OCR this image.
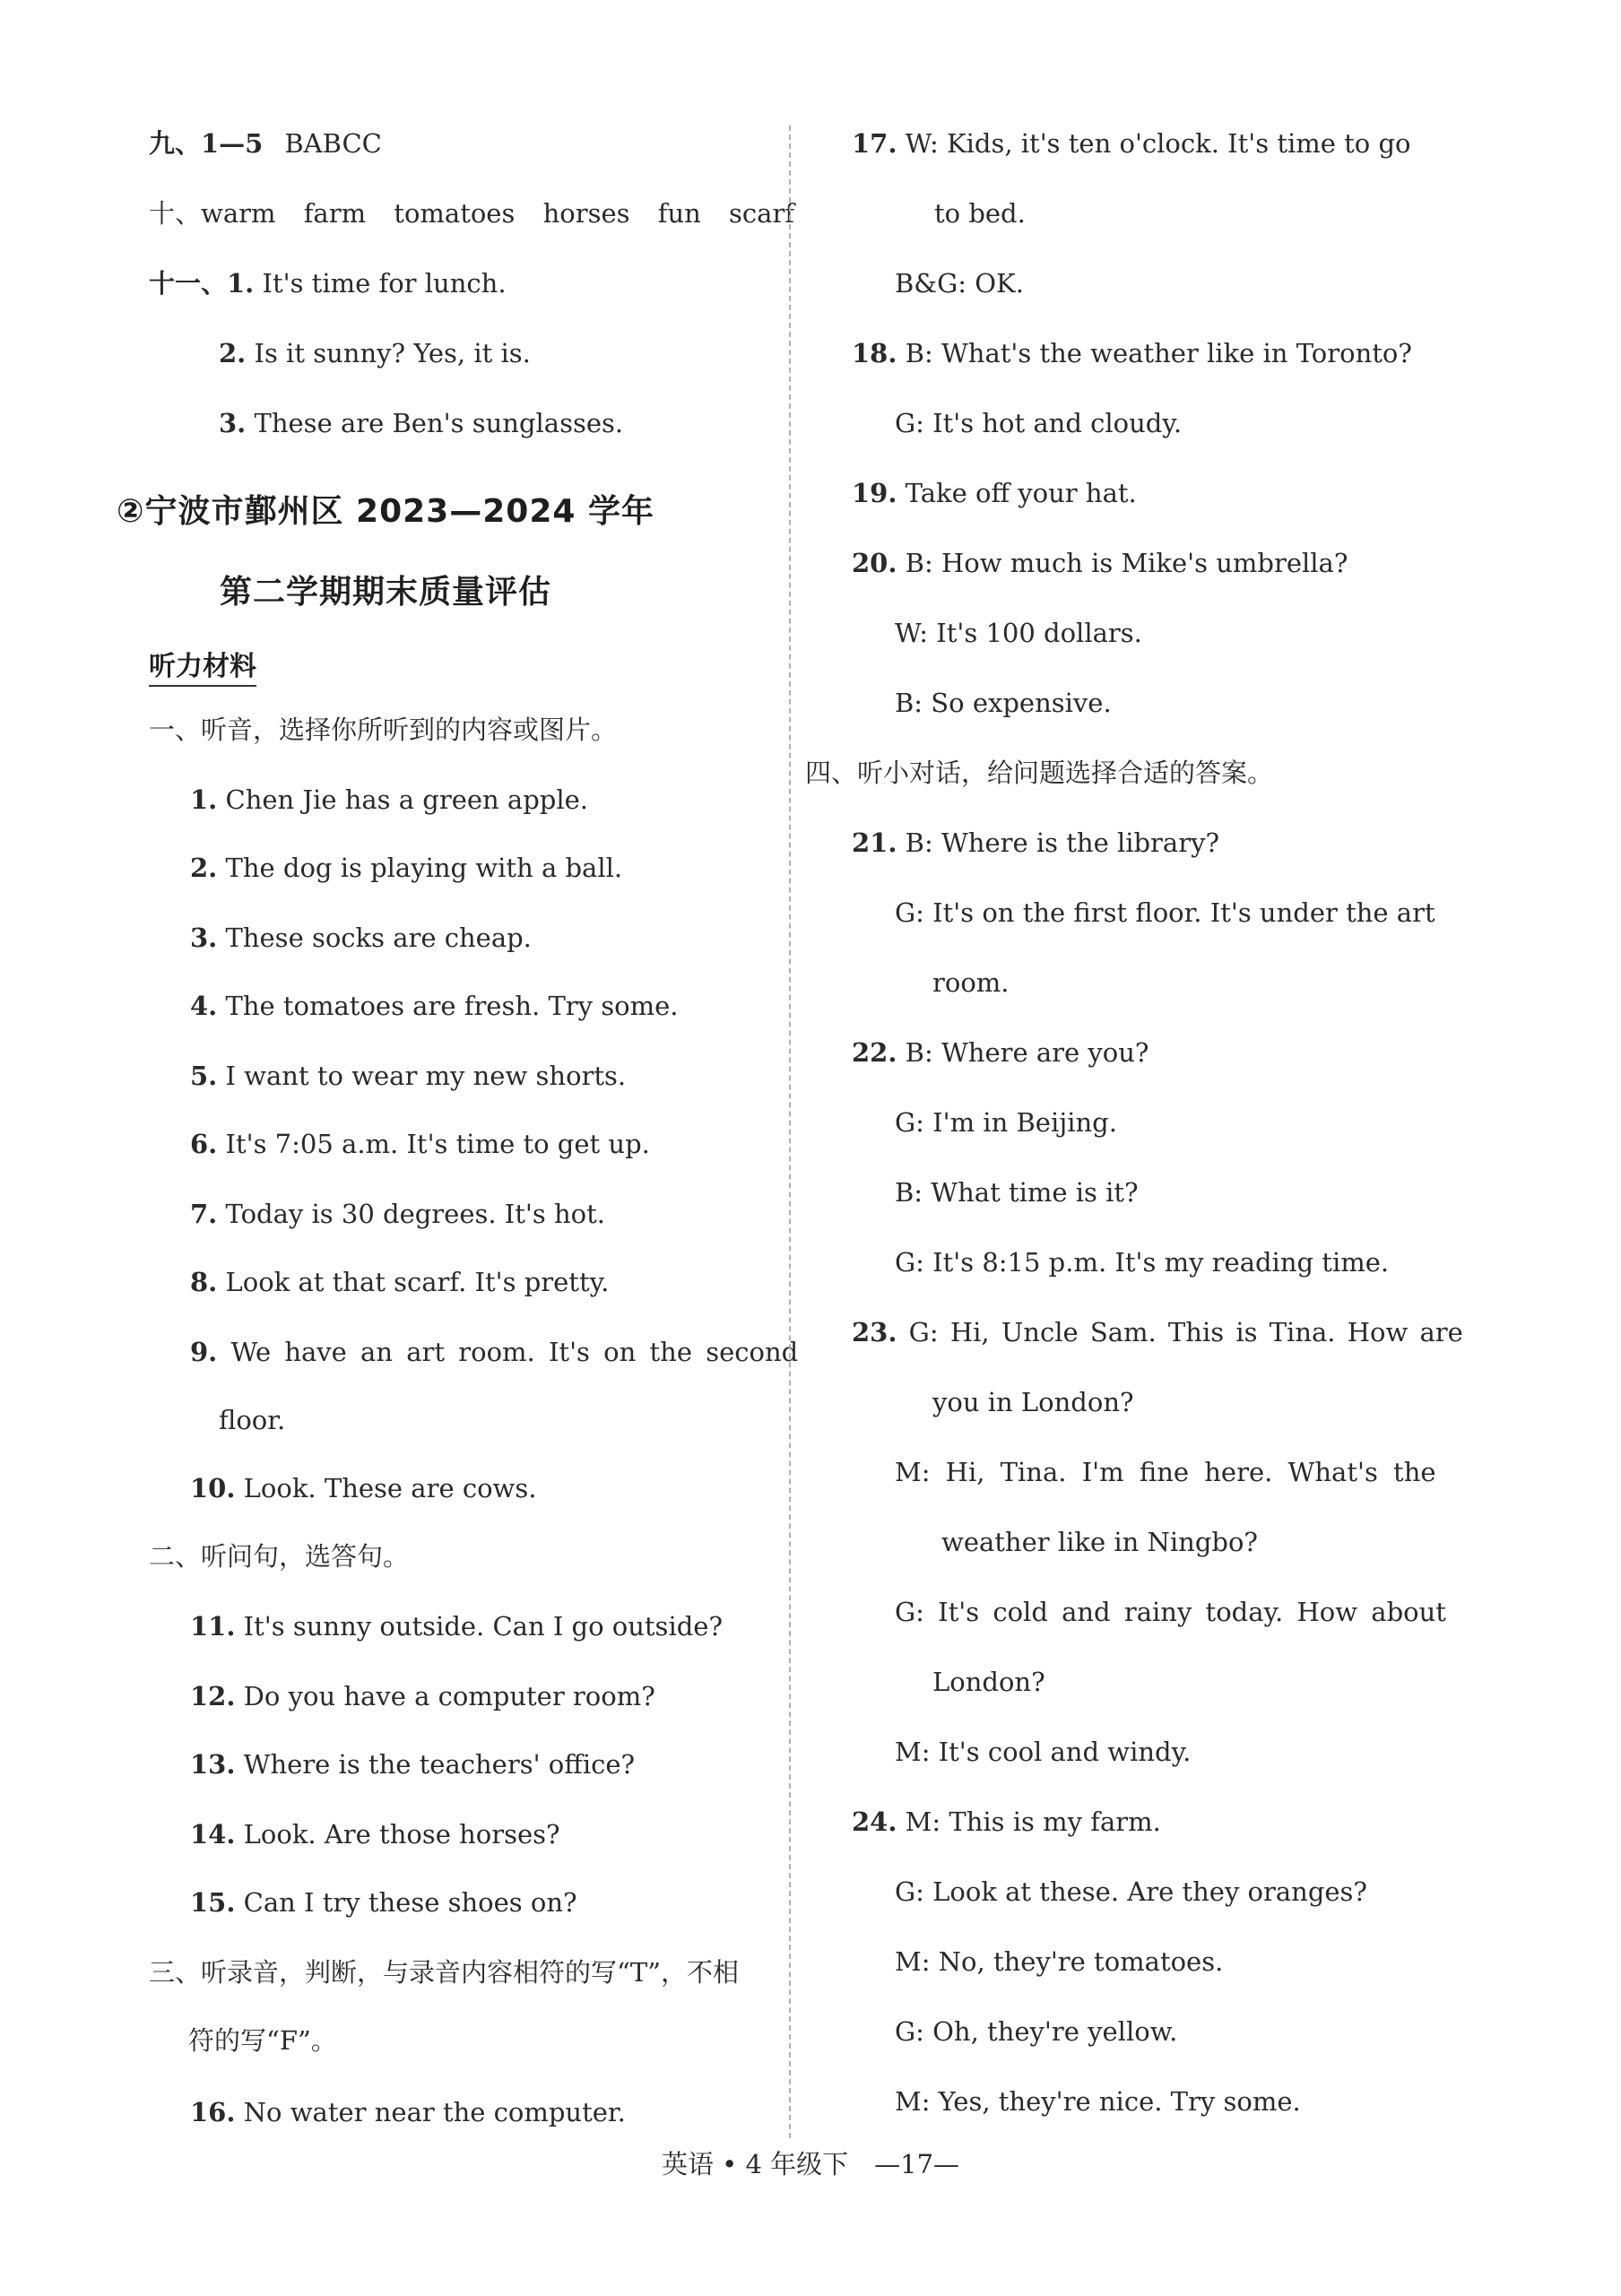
九、1—5 BABCC
十、warm farm tomatoes horses fun scarf
十一、1. It's time for lunch.
2. Is it sunny? Yes, it is.
3. These are Ben's sunglasses.
②宁波市鄞州区 2023—2024 学年
第二学期期末质量评估
听力材料
一、听音，选择你所听到的内容或图片。
1. Chen Jie has a green apple.
2. The dog is playing with a ball.
3. These socks are cheap.
4. The tomatoes are fresh. Try some.
5. I want to wear my new shorts.
6. It's 7:05 a.m. It's time to get up.
7. Today is 30 degrees. It's hot.
8. Look at that scarf. It's pretty.
9. We have an art room. It's on the second
floor.
10. Look. These are cows.
二、听问句，选答句。
11. It's sunny outside. Can I go outside?
12. Do you have a computer room?
13. Where is the teachers' office?
14. Look. Are those horses?
15. Can I try these shoes on?
三、听录音，判断，与录音内容相符的写“T”，不相
符的写“F”。
16. No water near the computer.
17. W: Kids, it's ten o'clock. It's time to go
to bed.
B&G: OK.
18. B: What's the weather like in Toronto?
G: It's hot and cloudy.
19. Take off your hat.
20. B: How much is Mike's umbrella?
W: It's 100 dollars.
B: So expensive.
四、听小对话，给问题选择合适的答案。
21. B: Where is the library?
G: It's on the first floor. It's under the art
room.
22. B: Where are you?
G: I'm in Beijing.
B: What time is it?
G: It's 8:15 p.m. It's my reading time.
23. G: Hi, Uncle Sam. This is Tina. How are
you in London?
M: Hi, Tina. I'm fine here. What's the
weather like in Ningbo?
G: It's cold and rainy today. How about
London?
M: It's cool and windy.
24. M: This is my farm.
G: Look at these. Are they oranges?
M: No, they're tomatoes.
G: Oh, they're yellow.
M: Yes, they're nice. Try some.
英语 • 4 年级下　—17—
